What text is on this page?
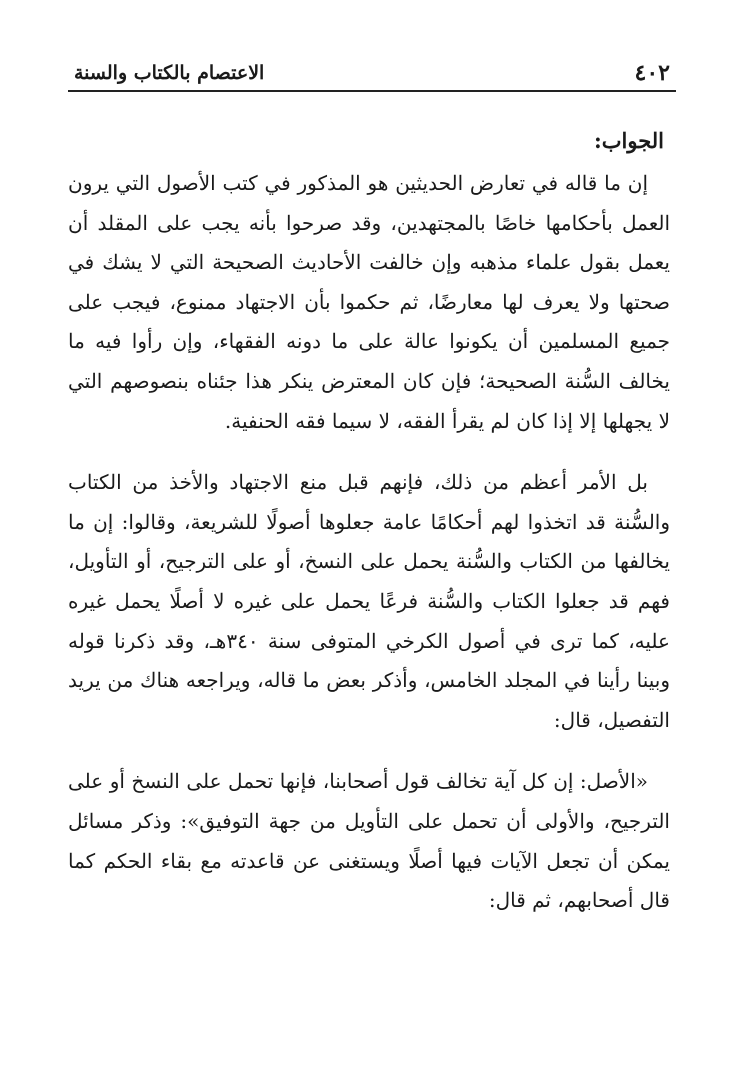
٤٠٢
الاعتصام بالكتاب والسنة

الجواب:

إن ما قاله في تعارض الحديثين هو المذكور في كتب الأصول التي يرون العمل بأحكامها خاصًا بالمجتهدين، وقد صرحوا بأنه يجب على المقلد أن يعمل بقول علماء مذهبه وإن خالفت الأحاديث الصحيحة التي لا يشك في صحتها ولا يعرف لها معارضًا، ثم حكموا بأن الاجتهاد ممنوع، فيجب على جميع المسلمين أن يكونوا عالة على ما دونه الفقهاء، وإن رأوا فيه ما يخالف السُّنة الصحيحة؛ فإن كان المعترض ينكر هذا جئناه بنصوصهم التي لا يجهلها إلا إذا كان لم يقرأ الفقه، لا سيما فقه الحنفية.

بل الأمر أعظم من ذلك، فإنهم قبل منع الاجتهاد والأخذ من الكتاب والسُّنة قد اتخذوا لهم أحكامًا عامة جعلوها أصولًا للشريعة، وقالوا: إن ما يخالفها من الكتاب والسُّنة يحمل على النسخ، أو على الترجيح، أو التأويل، فهم قد جعلوا الكتاب والسُّنة فرعًا يحمل على غيره لا أصلًا يحمل غيره عليه، كما ترى في أصول الكرخي المتوفى سنة ٣٤٠هـ، وقد ذكرنا قوله وبينا رأينا في المجلد الخامس، وأذكر بعض ما قاله، ويراجعه هناك من يريد التفصيل، قال:

«الأصل: إن كل آية تخالف قول أصحابنا، فإنها تحمل على النسخ أو على الترجيح، والأولى أن تحمل على التأويل من جهة التوفيق»: وذكر مسائل يمكن أن تجعل الآيات فيها أصلًا ويستغنى عن قاعدته مع بقاء الحكم كما قال أصحابهم، ثم قال:
